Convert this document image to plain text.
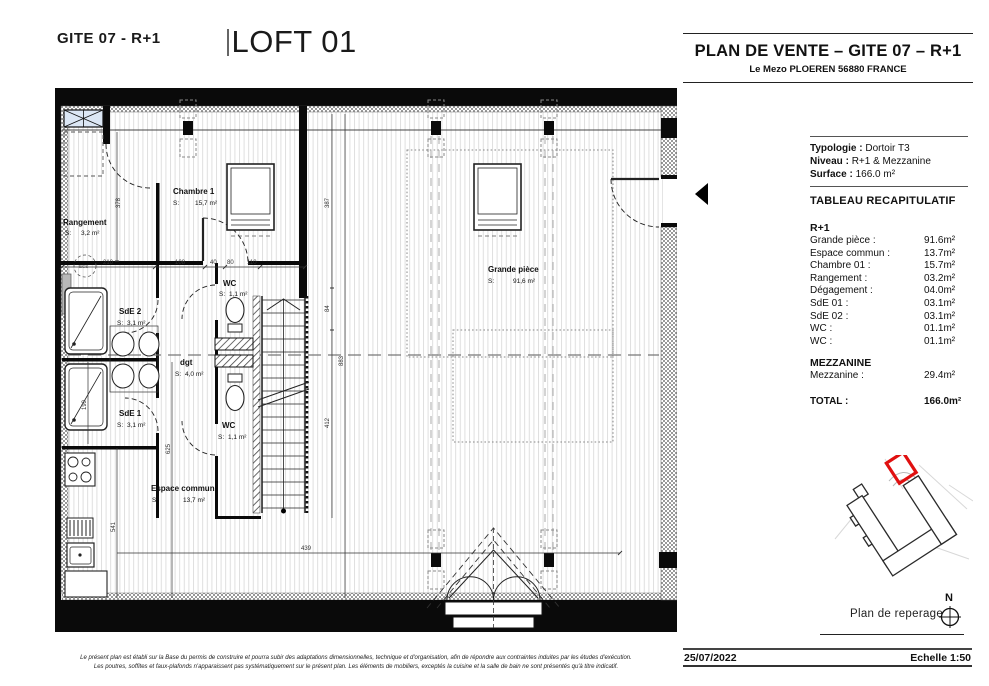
GITE 07 - R+1 LOFT 01
ECS
378
210	108	40 80 110
387
84
883
412
625
199
541
439
Chambre 1
S: 15,7 m²
Rangement
S: 3,2 m²
SdE 2
S: 3,1 m²
WC
S: 1,1 m²
dgt
S: 4,0 m²
SdE 1
S: 3,1 m²	WC
S: 1,1 m²
Espace commun
S:	13,7 m²
Grande pièce
S:	91,6 m²
PLAN DE VENTE – GITE 07 – R+1
Le Mezo PLOEREN 56880 FRANCE
Typologie : Dortoir T3
Niveau : R+1 & Mezzanine
Surface : 166.0 m²
TABLEAU RECAPITULATIF
R+1
Grande pièce :	91.6m²
Espace commun :	13.7m²
Chambre 01 :	15.7m²
Rangement :	03.2m²
Dégagement :	04.0m²
SdE 01 :	03.1m²
SdE 02 :	03.1m²
WC :	01.1m²
WC :	01.1m²
MEZZANINE
Mezzanine :	29.4m²
TOTAL :	166.0m²
Plan de reperage
N
25/07/2022	Echelle 1:50
Le présent plan est établi sur la Base du permis de construire et pourra subir des adaptations dimensionnelles, technique et d'organisation, afin de répondre aux contraintes induites par les études d'exécution.
Les poutres, soffites et faux-plafonds n'apparaissent pas systématiquement sur le présent plan. Les éléments de mobiliers, exceptés la cuisine et la salle de bain ne sont présentés qu'à titre indicatif.
